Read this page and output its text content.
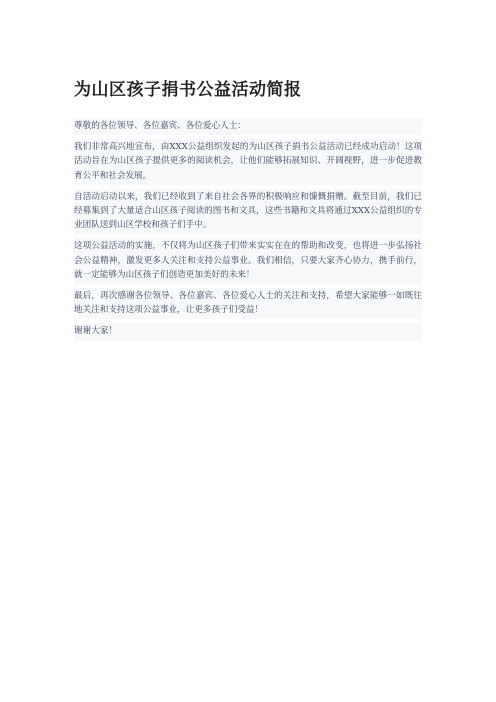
为山区孩子捐书公益活动简报

尊敬的各位领导、各位嘉宾、各位爱心人士：

我们非常高兴地宣布，由XXX公益组织发起的为山区孩子捐书公益活动已经成功启动！这项活动旨在为山区孩子提供更多的阅读机会，让他们能够拓展知识、开阔视野，进一步促进教育公平和社会发展。

自活动启动以来，我们已经收到了来自社会各界的积极响应和慷慨捐赠。截至目前，我们已经募集到了大量适合山区孩子阅读的图书和文具，这些书籍和文具将通过XXX公益组织的专业团队送到山区学校和孩子们手中。

这项公益活动的实施，不仅将为山区孩子们带来实实在在的帮助和改变，也将进一步弘扬社会公益精神，激发更多人关注和支持公益事业。我们相信，只要大家齐心协力，携手前行，就一定能够为山区孩子们创造更加美好的未来！

最后，再次感谢各位领导、各位嘉宾、各位爱心人士的关注和支持，希望大家能够一如既往地关注和支持这项公益事业，让更多孩子们受益！

谢谢大家！
